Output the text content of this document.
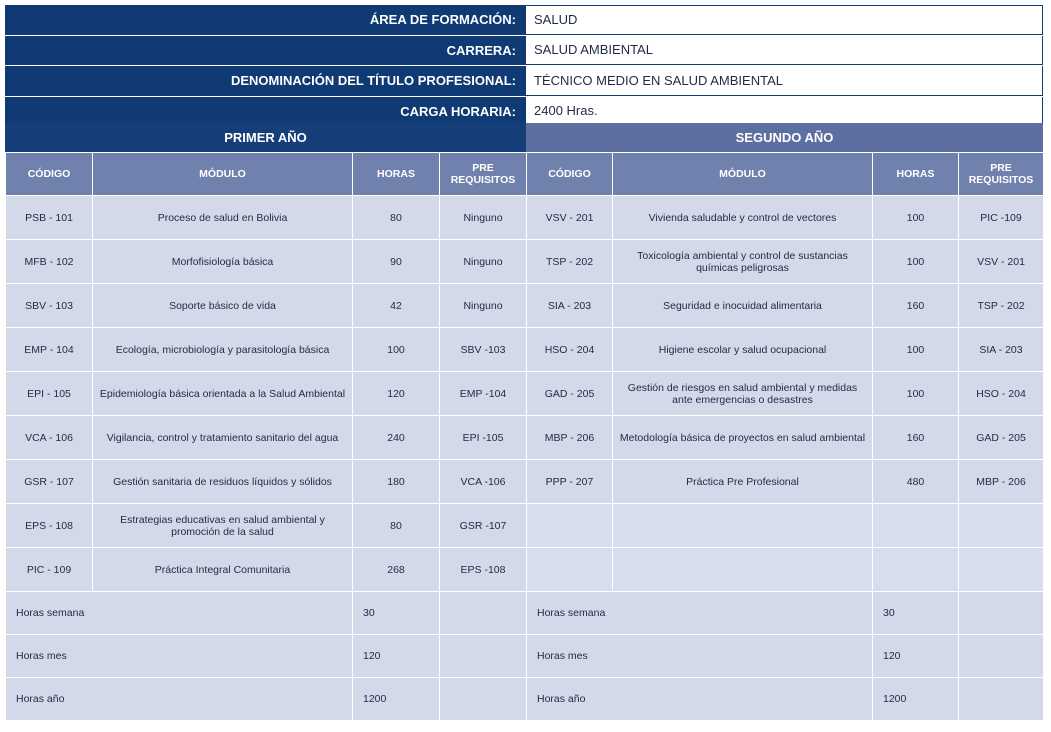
ÁREA DE FORMACIÓN:	SALUD
CARRERA:	SALUD AMBIENTAL
DENOMINACIÓN DEL TÍTULO PROFESIONAL:	TÉCNICO MEDIO EN SALUD AMBIENTAL
CARGA HORARIA:	2400 Hras.
PRIMER AÑO
CÓDIGO	MÓDULO	HORAS	PRE
REQUISITOS
PSB - 101	Proceso de salud en Bolivia	80	Ninguno
MFB - 102	Morfofisiología básica	90	Ninguno
SBV - 103	Soporte básico de vida	42	Ninguno
EMP - 104	Ecología, microbiología y parasitología básica	100	SBV -103
EPI - 105	Epidemiología básica orientada a la Salud Ambiental	120	EMP -104
VCA - 106	Vigilancia, control y tratamiento sanitario del agua	240	EPI -105
GSR - 107	Gestión sanitaria de residuos líquidos y sólidos	180	VCA -106
EPS - 108	Estrategias educativas en salud ambiental y promoción de la salud	80	GSR -107
PIC - 109	Práctica Integral Comunitaria	268	EPS -108
Horas semana		30	
Horas mes		120	
Horas año		1200	
SEGUNDO AÑO
CÓDIGO	MÓDULO	HORAS	PRE
REQUISITOS
VSV - 201	Vivienda saludable y control de vectores	100	PIC -109
TSP - 202	Toxicología ambiental y control de sustancias químicas peligrosas	100	VSV - 201
SIA - 203	Seguridad e inocuidad alimentaria	160	TSP - 202
HSO - 204	Higiene escolar y salud ocupacional	100	SIA - 203
GAD - 205	Gestión de riesgos en salud ambiental y medidas ante emergencias o desastres	100	HSO - 204
MBP - 206	Metodología básica de proyectos en salud ambiental	160	GAD - 205
PPP - 207	Práctica Pre Profesional	480	MBP - 206

Horas semana		30	
Horas mes		120	
Horas año		1200	
